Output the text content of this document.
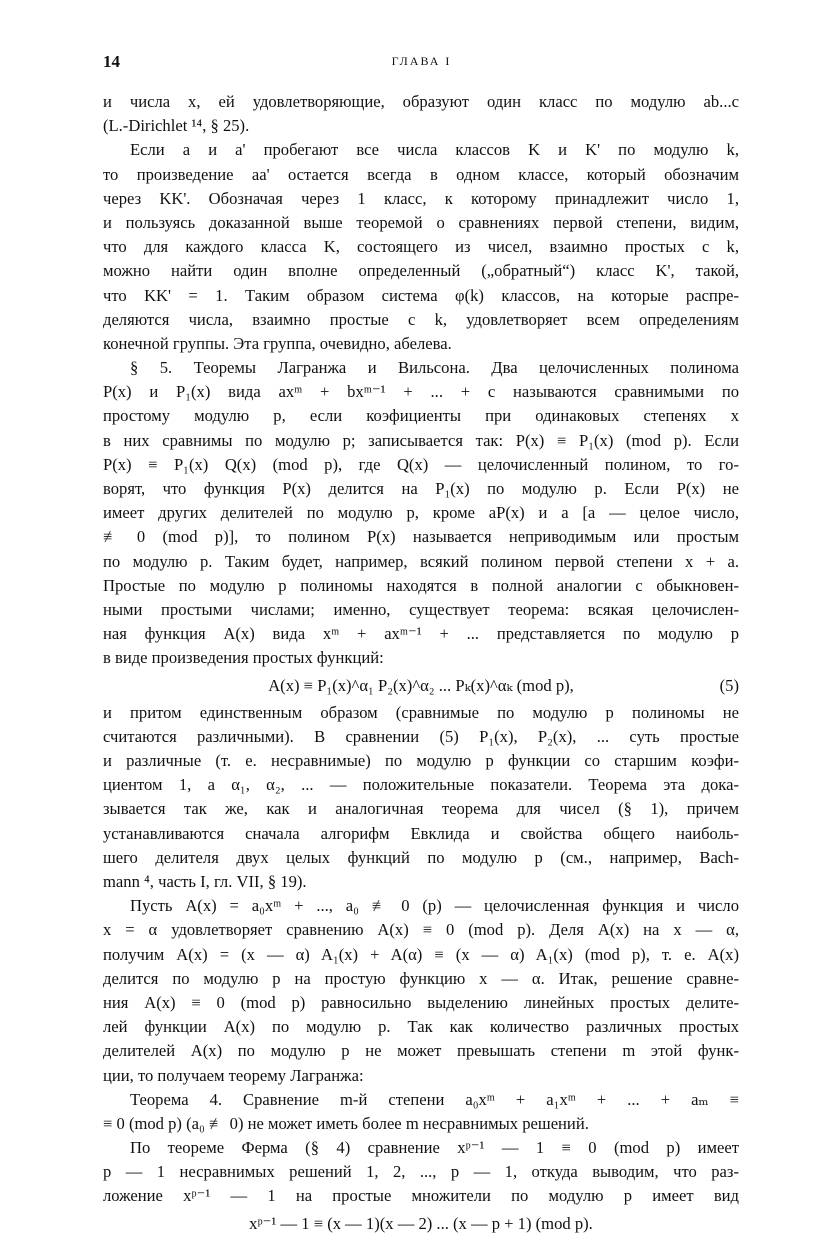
14	ГЛАВА I
и числа x, ей удовлетворяющие, образуют один класс по модулю ab...c
(L.-Dirichlet ¹⁴, § 25).
Если a и a' пробегают все числа классов K и K' по модулю k,
то произведение aa' остается всегда в одном классе, который обозначим
через KK'. Обозначая через 1 класс, к которому принадлежит число 1,
и пользуясь доказанной выше теоремой о сравнениях первой степени, видим,
что для каждого класса K, состоящего из чисел, взаимно простых с k,
можно найти один вполне определенный („обратный“) класс K', такой,
что KK' = 1. Таким образом система φ(k) классов, на которые распре-
деляются числа, взаимно простые с k, удовлетворяет всем определениям
конечной группы. Эта группа, очевидно, абелева.
§ 5. Теоремы Лагранжа и Вильсона. Два целочисленных полинома
P(x) и P₁(x) вида axᵐ + bxᵐ⁻¹ + ... + c называются сравнимыми по
простому модулю p, если коэфициенты при одинаковых степенях x
в них сравнимы по модулю p; записывается так: P(x) ≡ P₁(x) (mod p). Если
P(x) ≡ P₁(x) Q(x) (mod p), где Q(x) — целочисленный полином, то го-
ворят, что функция P(x) делится на P₁(x) по модулю p. Если P(x) не
имеет других делителей по модулю p, кроме aP(x) и a [a — целое число,
≢ 0 (mod p)], то полином P(x) называется неприводимым или простым
по модулю p. Таким будет, например, всякий полином первой степени x + a.
Простые по модулю p полиномы находятся в полной аналогии с обыкновен-
ными простыми числами; именно, существует теорема: всякая целочислен-
ная функция A(x) вида xᵐ + axᵐ⁻¹ + ... представляется по модулю p
в виде произведения простых функций:
A(x) ≡ P₁(x)^α₁ P₂(x)^α₂ ... Pₖ(x)^αₖ (mod p),	(5)
и притом единственным образом (сравнимые по модулю p полиномы не
считаются различными). В сравнении (5) P₁(x), P₂(x), ... суть простые
и различные (т. е. несравнимые) по модулю p функции со старшим коэфи-
циентом 1, а α₁, α₂, ... — положительные показатели. Теорема эта дока-
зывается так же, как и аналогичная теорема для чисел (§ 1), причем
устанавливаются сначала алгорифм Евклида и свойства общего наиболь-
шего делителя двух целых функций по модулю p (см., например, Bach-
mann ⁴, часть I, гл. VII, § 19).
Пусть A(x) = a₀xᵐ + ..., a₀ ≢ 0 (p) — целочисленная функция и число
x = α удовлетворяет сравнению A(x) ≡ 0 (mod p). Деля A(x) на x — α,
получим A(x) = (x — α) A₁(x) + A(α) ≡ (x — α) A₁(x) (mod p), т. е. A(x)
делится по модулю p на простую функцию x — α. Итак, решение сравне-
ния A(x) ≡ 0 (mod p) равносильно выделению линейных простых делите-
лей функции A(x) по модулю p. Так как количество различных простых
делителей A(x) по модулю p не может превышать степени m этой функ-
ции, то получаем теорему Лагранжа:
Теорема 4. Сравнение m-й степени a₀xᵐ + a₁xᵐ + ... + aₘ ≡
≡ 0 (mod p) (a₀ ≢ 0) не может иметь более m несравнимых решений.
По теореме Ферма (§ 4) сравнение xᵖ⁻¹ — 1 ≡ 0 (mod p) имеет
p — 1 несравнимых решений 1, 2, ..., p — 1, откуда выводим, что раз-
ложение xᵖ⁻¹ — 1 на простые множители по модулю p имеет вид
xᵖ⁻¹ — 1 ≡ (x — 1)(x — 2) ... (x — p + 1) (mod p).
